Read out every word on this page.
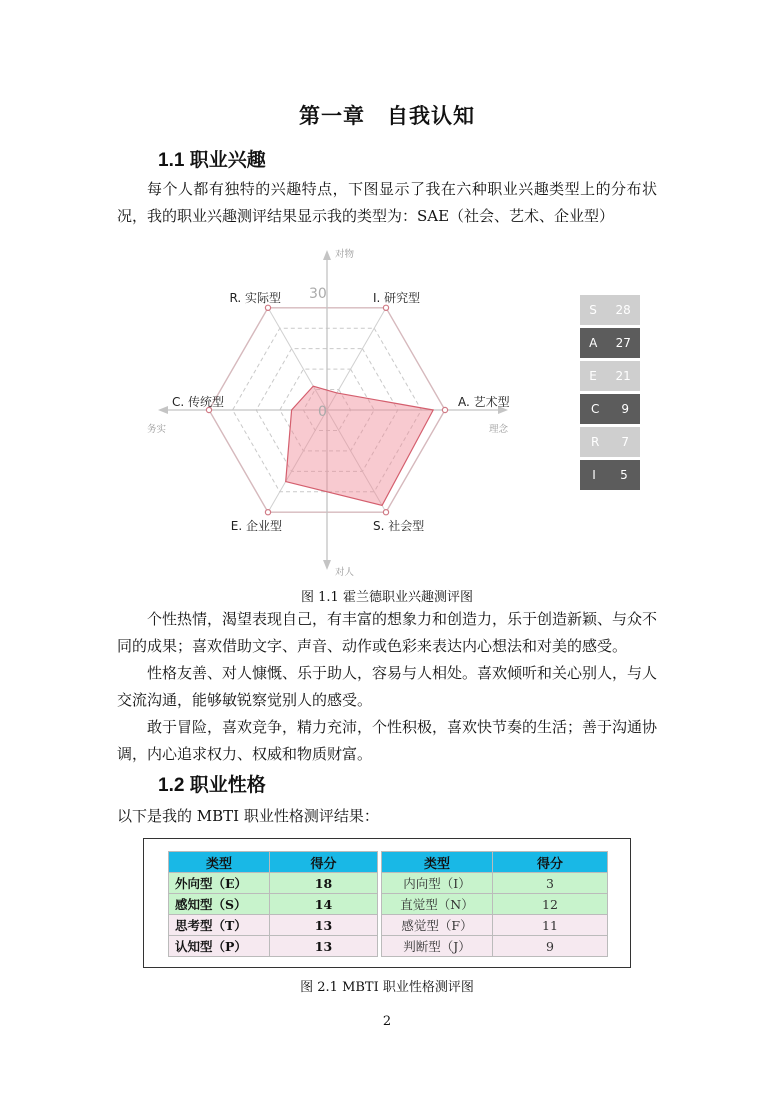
第一章　自我认知
1.1 职业兴趣
每个人都有独特的兴趣特点，下图显示了我在六种职业兴趣类型上的分布状况，我的职业兴趣测评结果显示我的类型为：SAE（社会、艺术、企业型）
0
30	I. 研究型
A. 艺术型
S. 社会型
E. 企业型
C. 传统型
R. 实际型
对物
对人
务实	理念
S 28
A 27
E 21
C 9
R 7
I 5
图 1.1 霍兰德职业兴趣测评图
个性热情，渴望表现自己，有丰富的想象力和创造力，乐于创造新颖、与众不同的成果；喜欢借助文字、声音、动作或色彩来表达内心想法和对美的感受。
性格友善、对人慷慨、乐于助人，容易与人相处。喜欢倾听和关心别人，与人交流沟通，能够敏锐察觉别人的感受。
敢于冒险，喜欢竞争，精力充沛，个性积极，喜欢快节奏的生活；善于沟通协调，内心追求权力、权威和物质财富。
1.2 职业性格
以下是我的 MBTI 职业性格测评结果：
类型	得分		类型	得分
外向型（E）	18		内向型（I）	3
感知型（S）	14		直觉型（N）	12
思考型（T）	13		感觉型（F）	11
认知型（P）	13		判断型（J）	9
图 2.1 MBTI 职业性格测评图
2
